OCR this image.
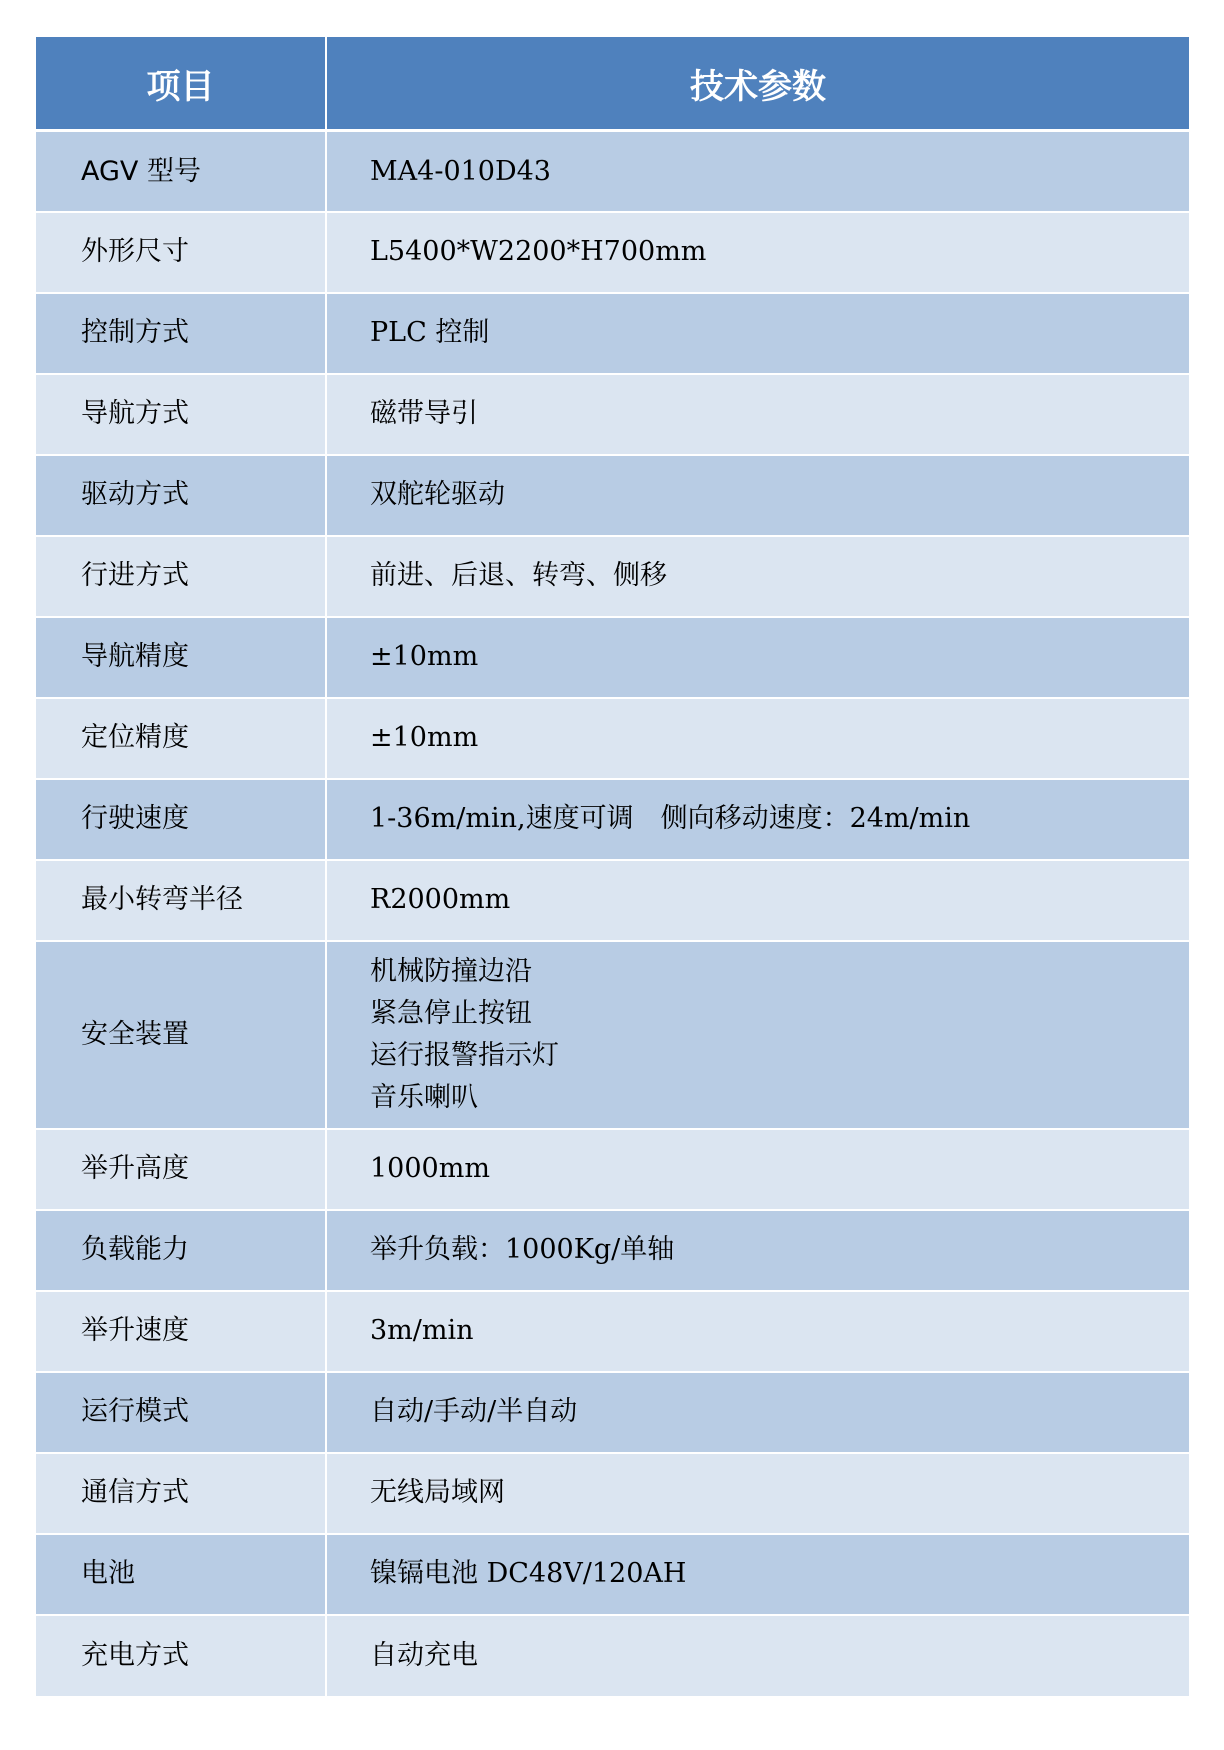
项目	技术参数
AGV 型号	MA4-010D43
外形尺寸	L5400*W2200*H700mm
控制方式	PLC 控制
导航方式	磁带导引
驱动方式	双舵轮驱动
行进方式	前进、后退、转弯、侧移
导航精度	±10mm
定位精度	±10mm
行驶速度	1-36m/min,速度可调　侧向移动速度：24m/min
最小转弯半径	R2000mm
安全装置	机械防撞边沿
紧急停止按钮
运行报警指示灯
音乐喇叭

举升高度	1000mm
负载能力	举升负载：1000Kg/单轴
举升速度	3m/min
运行模式	自动/手动/半自动
通信方式	无线局域网
电池	镍镉电池 DC48V/120AH
充电方式	自动充电
